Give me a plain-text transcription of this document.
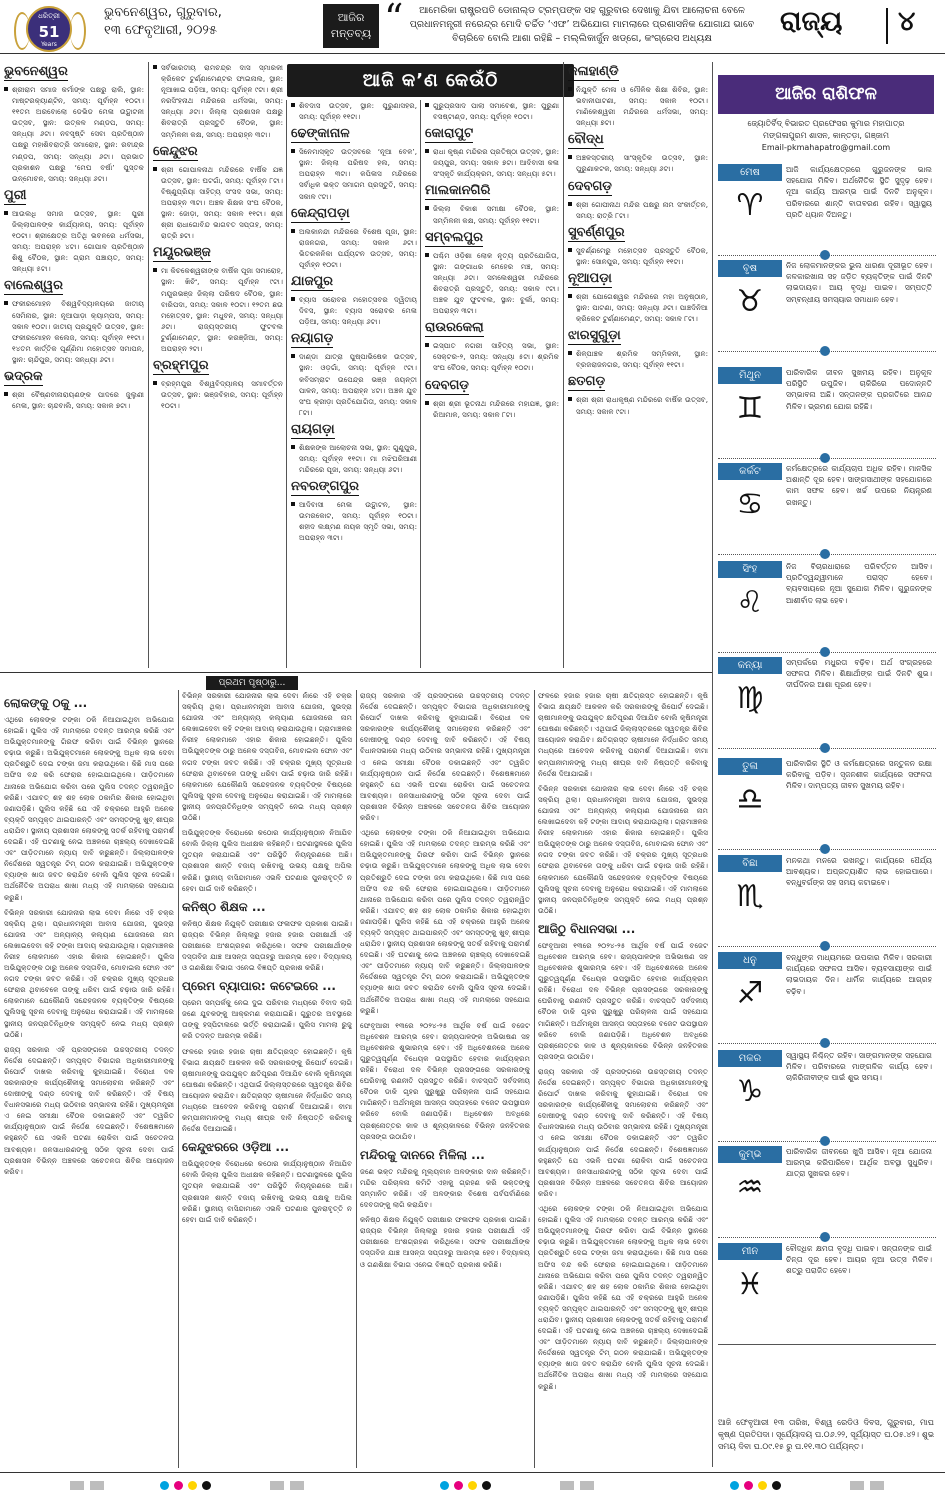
ଧରିତ୍ରୀ
51
Years
ଭୁବନେଶ୍ୱର, ଗୁରୁବାର,
୧୩ ଫେବୃଆରୀ, ୨୦୨୫
ଆଜିର
ମନ୍ତବ୍ୟ “	ଆମେରିକା ରାଷ୍ଟ୍ରପତି ଡୋନାଲ୍ଡ ଟ୍ରମ୍ପଙ୍କ ସହ ଗୁରୁବାର ଦେଖାକୁ ଯିବା ଆଲୋଚନା ବେଳେ ପ୍ରଧାନମନ୍ତ୍ରୀ ନରେନ୍ଦ୍ର ମୋଦି ଚର୍ଚ୍ଚିତ ‘ଏଫ’ ଅଭିଯୋଗ ମାମଲାରେ ପ୍ରଶାସନିକ ଯୋଗାଯ ଭାବେ ବିଚାରିବେ ବୋଲି ଆଶା ରହିଛି – ମଲ୍ଲିକାର୍ଜୁନ ଖଡ୍ଗେ, କଂଗ୍ରେସ ଅଧ୍ୟକ୍ଷ
ରାଜ୍ୟ ୪
ଆଜି କ’ଣ କେଉଁଠି
ଭୁବନେଶ୍ୱର
ଶ୍ରୀରାମ ସମାଜ କର୍ମାଙ୍କ ପକ୍ଷରୁ ରାଲି, ସ୍ଥାନ: ମାଷ୍ଟରକ୍ୟାଣ୍ଟିନ, ସମୟ: ପୂର୍ବାହ୍ନ ୧୦ଟା। ୧୧ତମ ଅରବୋଲୋ ଡେଭିଡ ମେଳା ଉଦ୍ଘାଟନୀ ଉତ୍ସବ, ସ୍ଥାନ: ଉତ୍କଳ ମଣ୍ଡପ, ସମୟ: ସନ୍ଧ୍ୟା ୬ଟା। ନବସୃଷ୍ଟି ସେବା ପ୍ରତିଷ୍ଠାନ ପକ୍ଷରୁ ମହାଶିବରାତ୍ରି ସମାରୋହ, ସ୍ଥାନ: ରବୀନ୍ଦ୍ର ମଣ୍ଡପ, ସମୟ: ସନ୍ଧ୍ୟା ୬ଟା। ପ୍ରଭାତ ପ୍ରକାଶନ ପକ୍ଷରୁ ‘ମେଘ ବର୍ଷା’ ପୁସ୍ତକ ଉନ୍ମୋଚନ, ସମୟ: ସନ୍ଧ୍ୟା ୬ଟା।
ପୁରୀ
ଆଉଲଧି ସମାଜ ଉତ୍ସବ, ସ୍ଥାନ: ପୁରୀ ଜିଲ୍ଲାପାଳଙ୍କ କାର୍ଯ୍ୟାଳୟ, ସମୟ: ପୂର୍ବାହ୍ନ ୧୦ଟା। ଶ୍ରୀକ୍ଷେତ୍ର ଅତିଥି ଭବନରେ ଧର୍ମସଭା, ସମୟ: ଅପରାହ୍ନ ୪ଟା। ଗୋପାଳ ପ୍ରତିଷ୍ଠାନ ଶିଶୁ ବୈଠକ, ସ୍ଥାନ: ଗ୍ରାମ ପଞ୍ଚାୟତ, ସମୟ: ସନ୍ଧ୍ୟା ୫ଟା।
ବାଲେଶ୍ୱର
ଫକୀରମୋହନ ବିଶ୍ୱବିଦ୍ୟାଳୟରେ ଜାତୀୟ ସେମିନାର, ସ୍ଥାନ: ନୂଆପାଡ଼ା କ୍ୟାମ୍ପସ, ସମୟ: ସକାଳ ୧୦ଟା। ଜାତୀୟ ପ୍ରଯୁକ୍ତି ଉତ୍ସବ, ସ୍ଥାନ: ଫକୀରମୋହନ କଲେଜ, ସମୟ: ପୂର୍ବାହ୍ନ ୧୧ଟା। ୧୪ତମ କାର୍ତ୍ତିକ ପୂର୍ଣ୍ଣିମା ମହୋତ୍ସବ ସମାପନ, ସ୍ଥାନ: ଚାନ୍ଦିପୁର, ସମୟ: ସନ୍ଧ୍ୟା ୬ଟା।
ଭଦ୍ରକ
ଶ୍ରୀ ବୈଷ୍ଣବୀନାରାୟଣଙ୍କ ପାଦରେ ଜୁଲୁଣୀ ମେଳା, ସ୍ଥାନ: ଚାନ୍ଦବାଲି, ସମୟ: ସକାଳ ୭ଟା।
ସର୍ବଭାରତୀୟ ରାମଚନ୍ଦ୍ର ଦାସ ସ୍ମାରକୀ କ୍ରିକେଟ ଟୁର୍ଣ୍ଣାମେଣ୍ଟର ଫାଇନାଲ, ସ୍ଥାନ: ନୂଆଖାଇ ପଡ଼ିଆ, ସମୟ: ପୂର୍ବାହ୍ନ ୯ଟା। ଶ୍ରୀ ନରସିଂହନାଥ ମନ୍ଦିରରେ ଧର୍ମସଭା, ସମୟ: ସନ୍ଧ୍ୟା ୬ଟା। ଜିଲ୍ଲା ପ୍ରଶାସନ ପକ୍ଷରୁ ଶିବରାତ୍ରି ପ୍ରସ୍ତୁତି ବୈଠକ, ସ୍ଥାନ: ସମ୍ମିଳନୀ କକ୍ଷ, ସମୟ: ଅପରାହ୍ନ ୩ଟା।
କେନ୍ଦୁଝର
ଶ୍ରୀ ଗୋପାଳନାଥ ମନ୍ଦିରରେ ବାର୍ଷିକ ଯଜ୍ଞ ଉତ୍ସବ, ସ୍ଥାନ: ଘଟଗାଁ, ସମୟ: ପୂର୍ବାହ୍ନ ୮ଟା। ବିଷ୍ଣୁପ୍ରିୟା ସାହିତ୍ୟ ସଂସଦ ସଭା, ସମୟ: ଅପରାହ୍ନ ୩ଟା। ଅଞ୍ଚଳ ଶିକ୍ଷକ ସଂଘ ବୈଠକ, ସ୍ଥାନ: ଜୋଡ଼ା, ସମୟ: ସକାଳ ୧୧ଟା। ଶ୍ରୀ ଶ୍ରୀ ରାଧାଗୋବିନ୍ଦ ଭାଗବତ ସପ୍ତାହ, ସମୟ: ରାତ୍ରି ୭ଟା।
ମୟୂରଭଞ୍ଜ
ମା କିଚକେଶ୍ୱରୀଙ୍କ ବାର୍ଷିକ ପୂଜା ସମାରୋହ, ସ୍ଥାନ: ଖିଚିଂ, ସମୟ: ପୂର୍ବାହ୍ନ ୯ଟା। ମୟୂରଭଞ୍ଜ ଜିଲ୍ଲା ପରିଷଦ ବୈଠକ, ସ୍ଥାନ: ବାରିପଦା, ସମୟ: ସକାଳ ୧୦ଟା। ୧୨ତମ ଛଉ ମହୋତ୍ସବ, ସ୍ଥାନ: ମଧୁବନ, ସମୟ: ସନ୍ଧ୍ୟା ୬ଟା। ରାଜ୍ୟସ୍ତରୀୟ ଫୁଟବଲ ଟୁର୍ଣ୍ଣାମେଣ୍ଟ, ସ୍ଥାନ: କରଞ୍ଜିଆ, ସମୟ: ଅପରାହ୍ନ ୨ଟା।
ବ୍ରହ୍ମପୁର
ବ୍ରହ୍ମପୁର ବିଶ୍ୱବିଦ୍ୟାଳୟ ସମାବର୍ତ୍ତନ ଉତ୍ସବ, ସ୍ଥାନ: ଭଞ୍ଜବିହାର, ସମୟ: ପୂର୍ବାହ୍ନ ୧୦ଟା।
ଶିବଦାସ ଉତ୍ସବ, ସ୍ଥାନ: ପୁରୁଣାସହର, ସମୟ: ପୂର୍ବାହ୍ନ ୧୧ଟା।
ଢେଙ୍କାନାଳ
ସିନେମାସ୍କୃତ ଉତ୍ସବରେ ‘ନୂଆ ବେଳ’, ସ୍ଥାନ: ଜିଲ୍ଲା ପରିଷଦ ହଲ, ସମୟ: ଅପରାହ୍ନ ୩ଟା। କପିଳାସ ମନ୍ଦିରରେ ସର୍ବାଧିକ ଭକ୍ତ ସମାଗମ ପ୍ରସ୍ତୁତି, ସମୟ: ସକାଳ ୯ଟା।
କେନ୍ଦ୍ରାପଡ଼ା
ଅଲକାନନ୍ଦା ମନ୍ଦିରରେ ବିଶେଷ ପୂଜା, ସ୍ଥାନ: ରାଜନଗର, ସମୟ: ସକାଳ ୬ଟା। ଭିତରକନିକା ପର୍ଯ୍ୟଟନ ଉତ୍ସବ, ସମୟ: ପୂର୍ବାହ୍ନ ୧୦ଟା।
ଯାଜପୁର
ବ୍ୟାସ ସରୋବର ମହୋତ୍ସବର ଦ୍ୱିତୀୟ ଦିବସ, ସ୍ଥାନ: ବ୍ୟାସ ସରୋବର ମେଳା ପଡ଼ିଆ, ସମୟ: ସନ୍ଧ୍ୟା ୬ଟା।
ନୟାଗଡ଼
ଦାଣ୍ଡା ଯାତ୍ରା ପୁଷ୍ପାଭିଷେକ ଉତ୍ସବ, ସ୍ଥାନ: ଓଡ଼ଗାଁ, ସମୟ: ପୂର୍ବାହ୍ନ ୯ଟା। କବିସମ୍ରାଟ ଉପେନ୍ଦ୍ର ଭଞ୍ଜ ଜୟନ୍ତୀ ପାଳନ, ସମୟ: ଅପରାହ୍ନ ୪ଟା। ଅଞ୍ଚଳ ଯୁବ ସଂଘ କ୍ରୀଡ଼ା ପ୍ରତିଯୋଗିତା, ସମୟ: ସକାଳ ୮ଟା।
ରାୟଗଡ଼ା
ଶିକ୍ଷକଙ୍କ ଆଲୋଚନା ସଭା, ସ୍ଥାନ: ଗୁଣୁପୁର, ସମୟ: ପୂର୍ବାହ୍ନ ୧୧ଟା। ମା ମଝିଘରିଆଣୀ ମନ୍ଦିରରେ ପୂଜା, ସମୟ: ସନ୍ଧ୍ୟା ୬ଟା।
ନବରଙ୍ଗପୁର
ଆଦିବାସୀ ମେଳା ଉଦ୍ଘାଟନ, ସ୍ଥାନ: ଉମରକୋଟ, ସମୟ: ପୂର୍ବାହ୍ନ ୧୦ଟା। ଶହୀଦ ଲକ୍ଷ୍ମଣ ନାୟକ ସ୍ମୃତି ସଭା, ସମୟ: ଅପରାହ୍ନ ୩ଟା।
ଗୁରୁପ୍ରସାଦ ପାଲା ସମାବେଶ, ସ୍ଥାନ: ପୁରୁଣା ବସଷ୍ଟାଣ୍ଡ, ସମୟ: ପୂର୍ବାହ୍ନ ୧୦ଟା।
କୋରାପୁଟ
ରାଧା କୃଷ୍ଣ ମନ୍ଦିରର ପ୍ରତିଷ୍ଠା ଉତ୍ସବ, ସ୍ଥାନ: ଜୟପୁର, ସମୟ: ସକାଳ ୭ଟା। ଆଦିବାସୀ କଳା ସଂସ୍କୃତି କାର୍ଯ୍ୟକ୍ରମ, ସମୟ: ସନ୍ଧ୍ୟା ୫ଟା।
ମାଲକାନଗିରି
ଜିଲ୍ଲା ବିକାଶ ସମୀକ୍ଷା ବୈଠକ, ସ୍ଥାନ: ସମ୍ମିଳନୀ କକ୍ଷ, ସମୟ: ପୂର୍ବାହ୍ନ ୧୧ଟା।
ସମ୍ବଲପୁର
ପଶ୍ଚିମ ଓଡ଼ିଶା ଲୋକ ନୃତ୍ୟ ପ୍ରତିଯୋଗିତା, ସ୍ଥାନ: ଗଙ୍ଗାଧର ମେହେର ମଞ୍ଚ, ସମୟ: ସନ୍ଧ୍ୟା ୬ଟା। ସମଲେଶ୍ୱରୀ ମନ୍ଦିରରେ ଶିବରାତ୍ରି ପ୍ରସ୍ତୁତି, ସମୟ: ସକାଳ ୯ଟା। ଅଞ୍ଚଳ ଯୁବ ଫୁଟବଲ, ସ୍ଥାନ: ବୁର୍ଲା, ସମୟ: ଅପରାହ୍ନ ୩ଟା।
ରାଉରକେଲା
ଇସ୍ପାତ ନଗରୀ ସାହିତ୍ୟ ସଭା, ସ୍ଥାନ: ସେକ୍ଟର-୨, ସମୟ: ସନ୍ଧ୍ୟା ୫ଟା। ଶ୍ରମିକ ସଂଘ ବୈଠକ, ସମୟ: ପୂର୍ବାହ୍ନ ୧୦ଟା।
ଦେବଗଡ଼
ଶ୍ରୀ ଶ୍ରୀ ଭୂତନାଥ ମନ୍ଦିରରେ ମହାଯଜ୍ଞ, ସ୍ଥାନ: ରିଆମାଳ, ସମୟ: ସକାଳ ୮ଟା।
କଳାହାଣ୍ଡି
ନିଯୁକ୍ତି ମେଳା ଓ ମୌଳିକ ଶିକ୍ଷା ଶିବିର, ସ୍ଥାନ: ଭବାନୀପାଟଣା, ସମୟ: ସକାଳ ୧୦ଟା। ମାଣିକେଶ୍ୱରୀ ମନ୍ଦିରରେ ଧର୍ମସଭା, ସମୟ: ସନ୍ଧ୍ୟା ୭ଟା।
ବୌଦ୍ଧ
ଅଞ୍ଚଳସ୍ତରୀୟ ସାଂସ୍କୃତିକ ଉତ୍ସବ, ସ୍ଥାନ: ପୁରୁଣାକଟକ, ସମୟ: ସନ୍ଧ୍ୟା ୬ଟା।
ଦେବଗଡ଼
ଶ୍ରୀ ଗୋପୀନାଥ ମନ୍ଦିର ପକ୍ଷରୁ ନାମ ସଂକୀର୍ତ୍ତନ, ସମୟ: ରାତ୍ରି ୮ଟା।
ସୁବର୍ଣ୍ଣପୁର
ସୁବର୍ଣ୍ଣମେରୁ ମହୋତ୍ସବ ପ୍ରସ୍ତୁତି ବୈଠକ, ସ୍ଥାନ: ସୋନପୁର, ସମୟ: ପୂର୍ବାହ୍ନ ୧୧ଟା।
ନୂଆପଡ଼ା
ଶ୍ରୀ ଯୋଗେଶ୍ୱର ମନ୍ଦିରରେ ମହା ଅନୁଷ୍ଠାନ, ସ୍ଥାନ: ପାଟଣା, ସମୟ: ସନ୍ଧ୍ୟା ୬ଟା। ପାଞ୍ଚଦିନିଆ କ୍ରିକେଟ ଟୁର୍ଣ୍ଣାମେଣ୍ଟ, ସମୟ: ସକାଳ ୮ଟା।
ଝାରସୁଗୁଡ଼ା
ଶିଳ୍ପାଞ୍ଚଳ ଶ୍ରମିକ ସମ୍ମିଳନୀ, ସ୍ଥାନ: ବ୍ରଜରାଜନଗର, ସମୟ: ପୂର୍ବାହ୍ନ ୧୧ଟା।
ଛତଗଡ଼
ଶ୍ରୀ ଶ୍ରୀ ରାଧାକୃଷ୍ଣ ମନ୍ଦିରରେ ବାର୍ଷିକ ଉତ୍ସବ, ସମୟ: ସକାଳ ୯ଟା।
ପ୍ରଥମ ପୃଷ୍ଠାରୁ...
ଲୋକଙ୍କୁ ଠକୁ ...
ଏଥିରେ ଲୋକଙ୍କ ଟଙ୍କା ଠକି ନିଆଯାଇଥିବା ଅଭିଯୋଗ ହୋଇଛି। ପୁଲିସ ଏହି ମାମଲାରେ ତଦନ୍ତ ଆରମ୍ଭ କରିଛି ଏବଂ ଅଭିଯୁକ୍ତମାନଙ୍କୁ ଗିରଫ କରିବା ପାଇଁ ବିଭିନ୍ନ ସ୍ଥାନରେ ଚଢ଼ାଉ କରୁଛି। ଅଭିଯୁକ୍ତମାନେ ଲୋକଙ୍କୁ ଅଧିକ ଲାଭ ଦେବା ପ୍ରତିଶ୍ରୁତି ଦେଇ ଟଙ୍କା ଜମା କରାଉଥିଲେ। କିଛି ମାସ ପରେ ଅଫିସ ବନ୍ଦ କରି ଫେରାର ହୋଇଯାଇଥିଲେ। ପୀଡ଼ିତମାନେ ଥାନାରେ ଅଭିଯୋଗ କରିବା ପରେ ପୁଲିସ ତଦନ୍ତ ତ୍ୱରାନ୍ୱିତ କରିଛି। ଏଯାବତ୍ ଶହ ଶହ ଲୋକ ଠକାମିର ଶିକାର ହୋଇଥିବା ଜଣାପଡ଼ିଛି। ପୁଲିସ କହିଛି ଯେ ଏହି ଚକ୍ରରେ ଆହୁରି ଅନେକ ବ୍ୟକ୍ତି ସମ୍ପୃକ୍ତ ଥାଇପାରନ୍ତି ଏବଂ ସମସ୍ତଙ୍କୁ ଖୁବ୍ ଶୀଘ୍ର ଧରାଯିବ। ସ୍ଥାନୀୟ ପ୍ରଶାସନ ଲୋକଙ୍କୁ ସତର୍କ ରହିବାକୁ ପରାମର୍ଶ ଦେଇଛି। ଏହି ଘଟଣାକୁ ନେଇ ଅଞ୍ଚଳରେ ଚାଞ୍ଚଲ୍ୟ ଦେଖାଦେଇଛି ଏବଂ ପୀଡ଼ିତମାନେ ନ୍ୟାୟ ଦାବି କରୁଛନ୍ତି। ଜିଲ୍ଲାପାଳଙ୍କ ନିର୍ଦ୍ଦେଶରେ ସ୍ୱତନ୍ତ୍ର ଟିମ୍ ଗଠନ କରାଯାଇଛି। ଅଭିଯୁକ୍ତଙ୍କ ବ୍ୟାଙ୍କ ଖାତା ଜବତ କରାଯିବ ବୋଲି ପୁଲିସ ସୂଚନା ଦେଇଛି। ଅର୍ଥନୈତିକ ଅପରାଧ ଶାଖା ମଧ୍ୟ ଏହି ମାମଲାରେ ସହଯୋଗ କରୁଛି।
ବିଭିନ୍ନ ସରକାରୀ ଯୋଜନାର ଲାଭ ଦେବା ନାଁରେ ଏହି ଚକ୍ର ସକ୍ରିୟ ଥିଲା। ପ୍ରଧାନମନ୍ତ୍ରୀ ଆବାସ ଯୋଜନା, ସୁଭଦ୍ରା ଯୋଜନା ଏବଂ ଅନ୍ୟାନ୍ୟ କଲ୍ୟାଣ ଯୋଜନାରେ ନାମ ଲେଖାଇଦେବା କହି ଟଙ୍କା ଆଦାୟ କରାଯାଉଥିଲା। ଗ୍ରାମାଞ୍ଚଳର ନିରୀହ ଲୋକମାନେ ଏହାର ଶିକାର ହୋଇଛନ୍ତି। ପୁଲିସ ଅଭିଯୁକ୍ତଙ୍କ ଠାରୁ ଅନେକ ଦସ୍ତାବିଜ, ମୋବାଇଲ ଫୋନ ଏବଂ ନଗଦ ଟଙ୍କା ଜବତ କରିଛି। ଏହି ଚକ୍ରର ମୁଖ୍ୟ ସୂତ୍ରଧର ଫେରାର ଥିବାବେଳେ ତାଙ୍କୁ ଧରିବା ପାଇଁ ଚଢ଼ାଉ ଜାରି ରହିଛି। ଲୋକମାନେ ଯେକୌଣସି ସନ୍ଦେହଜନକ ବ୍ୟକ୍ତିଙ୍କ ବିଷୟରେ ପୁଲିସକୁ ସୂଚନା ଦେବାକୁ ଅନୁରୋଧ କରାଯାଇଛି। ଏହି ମାମଲାରେ ସ୍ଥାନୀୟ ଜନପ୍ରତିନିଧିଙ୍କ ସମ୍ପୃକ୍ତି ନେଇ ମଧ୍ୟ ପ୍ରଶ୍ନ ଉଠିଛି।
ରାଜ୍ୟ ସରକାର ଏହି ପ୍ରସଙ୍ଗରେ ଉଚ୍ଚସ୍ତରୀୟ ତଦନ୍ତ ନିର୍ଦ୍ଦେଶ ଦେଇଛନ୍ତି। ସମ୍ପୃକ୍ତ ବିଭାଗର ଅଧିକାରୀମାନଙ୍କୁ ରିପୋର୍ଟ ଦାଖଲ କରିବାକୁ କୁହାଯାଇଛି। ବିରୋଧୀ ଦଳ ସରକାରଙ୍କ କାର୍ଯ୍ୟଶୈଳୀକୁ ସମାଲୋଚନା କରିଛନ୍ତି ଏବଂ ଦୋଷୀଙ୍କୁ ଦଣ୍ଡ ଦେବାକୁ ଦାବି କରିଛନ୍ତି। ଏହି ବିଷୟ ବିଧାନସଭାରେ ମଧ୍ୟ ଉଠିବାର ସମ୍ଭାବନା ରହିଛି। ମୁଖ୍ୟମନ୍ତ୍ରୀ ଏ ନେଇ ସମୀକ୍ଷା ବୈଠକ ଡକାଇଛନ୍ତି ଏବଂ ତ୍ୱରିତ କାର୍ଯ୍ୟାନୁଷ୍ଠାନ ପାଇଁ ନିର୍ଦ୍ଦେଶ ଦେଇଛନ୍ତି। ବିଶେଷଜ୍ଞମାନେ କହୁଛନ୍ତି ଯେ ଏଭଳି ଘଟଣା ରୋକିବା ପାଇଁ ସଚେତନତା ଆବଶ୍ୟକ। ଜନସାଧାରଣଙ୍କୁ ସଠିକ ସୂଚନା ଦେବା ପାଇଁ ପ୍ରଶାସନ ବିଭିନ୍ନ ଅଞ୍ଚଳରେ ସଚେତନତା ଶିବିର ଆୟୋଜନ କରିବ।
ବିଭିନ୍ନ ସରକାରୀ ଯୋଜନାର ଲାଭ ଦେବା ନାଁରେ ଏହି ଚକ୍ର ସକ୍ରିୟ ଥିଲା। ପ୍ରଧାନମନ୍ତ୍ରୀ ଆବାସ ଯୋଜନା, ସୁଭଦ୍ରା ଯୋଜନା ଏବଂ ଅନ୍ୟାନ୍ୟ କଲ୍ୟାଣ ଯୋଜନାରେ ନାମ ଲେଖାଇଦେବା କହି ଟଙ୍କା ଆଦାୟ କରାଯାଉଥିଲା। ଗ୍ରାମାଞ୍ଚଳର ନିରୀହ ଲୋକମାନେ ଏହାର ଶିକାର ହୋଇଛନ୍ତି। ପୁଲିସ ଅଭିଯୁକ୍ତଙ୍କ ଠାରୁ ଅନେକ ଦସ୍ତାବିଜ, ମୋବାଇଲ ଫୋନ ଏବଂ ନଗଦ ଟଙ୍କା ଜବତ କରିଛି। ଏହି ଚକ୍ରର ମୁଖ୍ୟ ସୂତ୍ରଧର ଫେରାର ଥିବାବେଳେ ତାଙ୍କୁ ଧରିବା ପାଇଁ ଚଢ଼ାଉ ଜାରି ରହିଛି। ଲୋକମାନେ ଯେକୌଣସି ସନ୍ଦେହଜନକ ବ୍ୟକ୍ତିଙ୍କ ବିଷୟରେ ପୁଲିସକୁ ସୂଚନା ଦେବାକୁ ଅନୁରୋଧ କରାଯାଇଛି। ଏହି ମାମଲାରେ ସ୍ଥାନୀୟ ଜନପ୍ରତିନିଧିଙ୍କ ସମ୍ପୃକ୍ତି ନେଇ ମଧ୍ୟ ପ୍ରଶ୍ନ ଉଠିଛି।
ଅଭିଯୁକ୍ତଙ୍କ ବିରୋଧରେ କଠୋର କାର୍ଯ୍ୟାନୁଷ୍ଠାନ ନିଆଯିବ ବୋଲି ଜିଲ୍ଲା ପୁଲିସ ଅଧୀକ୍ଷକ କହିଛନ୍ତି। ଘଟଣାସ୍ଥଳରେ ପୁଲିସ ମୁତୟନ କରାଯାଇଛି ଏବଂ ପରିସ୍ଥିତି ନିୟନ୍ତ୍ରଣରେ ଅଛି। ପ୍ରଶାସନ ଶାନ୍ତି ବଜାୟ ରଖିବାକୁ ଉଭୟ ପକ୍ଷକୁ ଅପିଲ କରିଛି। ସ୍ଥାନୀୟ ବାସିନ୍ଦାମାନେ ଏଭଳି ଘଟଣାର ପୁନରାବୃତ୍ତି ନ ହେବା ପାଇଁ ଦାବି କରିଛନ୍ତି।
କନିଷ୍ଠ ଶିକ୍ଷକ ...
କନିଷ୍ଠ ଶିକ୍ଷକ ନିଯୁକ୍ତି ପରୀକ୍ଷାର ଫଳାଫଳ ପ୍ରକାଶ ପାଇଛି। ରାଜ୍ୟର ବିଭିନ୍ନ ଜିଲ୍ଲାରୁ ହଜାର ହଜାର ପରୀକ୍ଷାର୍ଥୀ ଏହି ପରୀକ୍ଷାରେ ଅଂଶଗ୍ରହଣ କରିଥିଲେ। ସଫଳ ପରୀକ୍ଷାର୍ଥୀଙ୍କ ଦସ୍ତାବିଜ ଯାଞ୍ଚ ଆସନ୍ତା ସପ୍ତାହରୁ ଆରମ୍ଭ ହେବ। ବିଦ୍ୟାଳୟ ଓ ଗଣଶିକ୍ଷା ବିଭାଗ ଏନେଇ ବିଜ୍ଞପ୍ତି ପ୍ରକାଶ କରିଛି।
ପ୍ରେମ ବ୍ୟାପାର: କଟେଇରେ ...
ପ୍ରେମ ସମ୍ପର୍କକୁ ନେଇ ଦୁଇ ପରିବାର ମଧ୍ୟରେ ବିବାଦ ଲାଗି ଜଣେ ଯୁବକଙ୍କୁ ଆକ୍ରମଣ କରାଯାଇଛି। ଗୁରୁତର ଅବସ୍ଥାରେ ତାଙ୍କୁ ହସ୍ପିଟାଲରେ ଭର୍ତ୍ତି କରାଯାଇଛି। ପୁଲିସ ମାମଲା ରୁଜୁ କରି ତଦନ୍ତ ଆରମ୍ଭ କରିଛି।
ଫଳରେ ହଜାର ହଜାର ଚାଷୀ କ୍ଷତିଗ୍ରସ୍ତ ହୋଇଛନ୍ତି। କୃଷି ବିଭାଗ କ୍ଷୟକ୍ଷତି ଆକଳନ କରି ସରକାରଙ୍କୁ ରିପୋର୍ଟ ଦେଇଛି। ଚାଷୀମାନଙ୍କୁ ଉପଯୁକ୍ତ କ୍ଷତିପୂରଣ ଦିଆଯିବ ବୋଲି କୃଷିମନ୍ତ୍ରୀ ଘୋଷଣା କରିଛନ୍ତି। ଏଥିପାଇଁ ଜିଲ୍ଲାସ୍ତରରେ ସ୍ୱତନ୍ତ୍ର ଶିବିର ଆୟୋଜନ କରାଯିବ। କ୍ଷତିଗ୍ରସ୍ତ ଚାଷୀମାନେ ନିର୍ଦ୍ଧାରିତ ସମୟ ମଧ୍ୟରେ ଆବେଦନ କରିବାକୁ ପରାମର୍ଶ ଦିଆଯାଇଛି। ବୀମା କମ୍ପାନୀମାନଙ୍କୁ ମଧ୍ୟ ଶୀଘ୍ର ଦାବି ନିଷ୍ପତ୍ତି କରିବାକୁ ନିର୍ଦ୍ଦେଶ ଦିଆଯାଇଛି।
କେନ୍ଦୁଝରରେ ଓଡ଼ିଆ ...
ଅଭିଯୁକ୍ତଙ୍କ ବିରୋଧରେ କଠୋର କାର୍ଯ୍ୟାନୁଷ୍ଠାନ ନିଆଯିବ ବୋଲି ଜିଲ୍ଲା ପୁଲିସ ଅଧୀକ୍ଷକ କହିଛନ୍ତି। ଘଟଣାସ୍ଥଳରେ ପୁଲିସ ମୁତୟନ କରାଯାଇଛି ଏବଂ ପରିସ୍ଥିତି ନିୟନ୍ତ୍ରଣରେ ଅଛି। ପ୍ରଶାସନ ଶାନ୍ତି ବଜାୟ ରଖିବାକୁ ଉଭୟ ପକ୍ଷକୁ ଅପିଲ କରିଛି। ସ୍ଥାନୀୟ ବାସିନ୍ଦାମାନେ ଏଭଳି ଘଟଣାର ପୁନରାବୃତ୍ତି ନ ହେବା ପାଇଁ ଦାବି କରିଛନ୍ତି।
ରାଜ୍ୟ ସରକାର ଏହି ପ୍ରସଙ୍ଗରେ ଉଚ୍ଚସ୍ତରୀୟ ତଦନ୍ତ ନିର୍ଦ୍ଦେଶ ଦେଇଛନ୍ତି। ସମ୍ପୃକ୍ତ ବିଭାଗର ଅଧିକାରୀମାନଙ୍କୁ ରିପୋର୍ଟ ଦାଖଲ କରିବାକୁ କୁହାଯାଇଛି। ବିରୋଧୀ ଦଳ ସରକାରଙ୍କ କାର୍ଯ୍ୟଶୈଳୀକୁ ସମାଲୋଚନା କରିଛନ୍ତି ଏବଂ ଦୋଷୀଙ୍କୁ ଦଣ୍ଡ ଦେବାକୁ ଦାବି କରିଛନ୍ତି। ଏହି ବିଷୟ ବିଧାନସଭାରେ ମଧ୍ୟ ଉଠିବାର ସମ୍ଭାବନା ରହିଛି। ମୁଖ୍ୟମନ୍ତ୍ରୀ ଏ ନେଇ ସମୀକ୍ଷା ବୈଠକ ଡକାଇଛନ୍ତି ଏବଂ ତ୍ୱରିତ କାର୍ଯ୍ୟାନୁଷ୍ଠାନ ପାଇଁ ନିର୍ଦ୍ଦେଶ ଦେଇଛନ୍ତି। ବିଶେଷଜ୍ଞମାନେ କହୁଛନ୍ତି ଯେ ଏଭଳି ଘଟଣା ରୋକିବା ପାଇଁ ସଚେତନତା ଆବଶ୍ୟକ। ଜନସାଧାରଣଙ୍କୁ ସଠିକ ସୂଚନା ଦେବା ପାଇଁ ପ୍ରଶାସନ ବିଭିନ୍ନ ଅଞ୍ଚଳରେ ସଚେତନତା ଶିବିର ଆୟୋଜନ କରିବ।
ଏଥିରେ ଲୋକଙ୍କ ଟଙ୍କା ଠକି ନିଆଯାଇଥିବା ଅଭିଯୋଗ ହୋଇଛି। ପୁଲିସ ଏହି ମାମଲାରେ ତଦନ୍ତ ଆରମ୍ଭ କରିଛି ଏବଂ ଅଭିଯୁକ୍ତମାନଙ୍କୁ ଗିରଫ କରିବା ପାଇଁ ବିଭିନ୍ନ ସ୍ଥାନରେ ଚଢ଼ାଉ କରୁଛି। ଅଭିଯୁକ୍ତମାନେ ଲୋକଙ୍କୁ ଅଧିକ ଲାଭ ଦେବା ପ୍ରତିଶ୍ରୁତି ଦେଇ ଟଙ୍କା ଜମା କରାଉଥିଲେ। କିଛି ମାସ ପରେ ଅଫିସ ବନ୍ଦ କରି ଫେରାର ହୋଇଯାଇଥିଲେ। ପୀଡ଼ିତମାନେ ଥାନାରେ ଅଭିଯୋଗ କରିବା ପରେ ପୁଲିସ ତଦନ୍ତ ତ୍ୱରାନ୍ୱିତ କରିଛି। ଏଯାବତ୍ ଶହ ଶହ ଲୋକ ଠକାମିର ଶିକାର ହୋଇଥିବା ଜଣାପଡ଼ିଛି। ପୁଲିସ କହିଛି ଯେ ଏହି ଚକ୍ରରେ ଆହୁରି ଅନେକ ବ୍ୟକ୍ତି ସମ୍ପୃକ୍ତ ଥାଇପାରନ୍ତି ଏବଂ ସମସ୍ତଙ୍କୁ ଖୁବ୍ ଶୀଘ୍ର ଧରାଯିବ। ସ୍ଥାନୀୟ ପ୍ରଶାସନ ଲୋକଙ୍କୁ ସତର୍କ ରହିବାକୁ ପରାମର୍ଶ ଦେଇଛି। ଏହି ଘଟଣାକୁ ନେଇ ଅଞ୍ଚଳରେ ଚାଞ୍ଚଲ୍ୟ ଦେଖାଦେଇଛି ଏବଂ ପୀଡ଼ିତମାନେ ନ୍ୟାୟ ଦାବି କରୁଛନ୍ତି। ଜିଲ୍ଲାପାଳଙ୍କ ନିର୍ଦ୍ଦେଶରେ ସ୍ୱତନ୍ତ୍ର ଟିମ୍ ଗଠନ କରାଯାଇଛି। ଅଭିଯୁକ୍ତଙ୍କ ବ୍ୟାଙ୍କ ଖାତା ଜବତ କରାଯିବ ବୋଲି ପୁଲିସ ସୂଚନା ଦେଇଛି। ଅର୍ଥନୈତିକ ଅପରାଧ ଶାଖା ମଧ୍ୟ ଏହି ମାମଲାରେ ସହଯୋଗ କରୁଛି।
ଫେବୃଆରୀ ୧୩ରେ ୨୦୨୪-୨୫ ଆର୍ଥିକ ବର୍ଷ ପାଇଁ ବଜେଟ ଅଧିବେଶନ ଆରମ୍ଭ ହେବ। ରାଜ୍ୟପାଳଙ୍କ ଅଭିଭାଷଣ ସହ ଅଧିବେଶନର ଶୁଭାରମ୍ଭ ହେବ। ଏହି ଅଧିବେଶନରେ ଅନେକ ଗୁରୁତ୍ୱପୂର୍ଣ୍ଣ ବିଧେୟକ ଉପସ୍ଥାପିତ ହେବାର କାର୍ଯ୍ୟକ୍ରମ ରହିଛି। ବିରୋଧୀ ଦଳ ବିଭିନ୍ନ ପ୍ରସଙ୍ଗରେ ସରକାରଙ୍କୁ ଘେରିବାକୁ ରଣନୀତି ପ୍ରସ୍ତୁତ କରିଛି। ବାଚସ୍ପତି ସର୍ବଦଳୀୟ ବୈଠକ ଡାକି ଗୃହର ସୁରୁଖୁରୁ ପରିଚାଳନା ପାଇଁ ସହଯୋଗ ମାଗିଛନ୍ତି। ଅର୍ଥମନ୍ତ୍ରୀ ଆସନ୍ତା ସପ୍ତାହରେ ବଜେଟ ଉପସ୍ଥାପନ କରିବେ ବୋଲି ଜଣାପଡ଼ିଛି। ଅଧିବେଶନ ଅବଧିରେ ପ୍ରଶ୍ନୋତ୍ତର କାଳ ଓ ଶୂନ୍ୟକାଳରେ ବିଭିନ୍ନ ଜନହିତକର ପ୍ରସଙ୍ଗ ଉଠାଯିବ।
ମନ୍ଦିରକୁ ଦାନରେ ମିଳିଲା ...
ଜଣେ ଭକ୍ତ ମନ୍ଦିରକୁ ମୂଲ୍ୟବାନ ଅଳଙ୍କାର ଦାନ କରିଛନ୍ତି। ମନ୍ଦିର ପରିଚାଳନା କମିଟି ଏହାକୁ ଗ୍ରହଣ କରି ଭକ୍ତଙ୍କୁ ସମ୍ମାନିତ କରିଛି। ଏହି ଅଳଙ୍କାର ବିଶେଷ ପର୍ବପର୍ବାଣିରେ ଦେବତାଙ୍କୁ ଲାଗି କରାଯିବ।
କନିଷ୍ଠ ଶିକ୍ଷକ ନିଯୁକ୍ତି ପରୀକ୍ଷାର ଫଳାଫଳ ପ୍ରକାଶ ପାଇଛି। ରାଜ୍ୟର ବିଭିନ୍ନ ଜିଲ୍ଲାରୁ ହଜାର ହଜାର ପରୀକ୍ଷାର୍ଥୀ ଏହି ପରୀକ୍ଷାରେ ଅଂଶଗ୍ରହଣ କରିଥିଲେ। ସଫଳ ପରୀକ୍ଷାର୍ଥୀଙ୍କ ଦସ୍ତାବିଜ ଯାଞ୍ଚ ଆସନ୍ତା ସପ୍ତାହରୁ ଆରମ୍ଭ ହେବ। ବିଦ୍ୟାଳୟ ଓ ଗଣଶିକ୍ଷା ବିଭାଗ ଏନେଇ ବିଜ୍ଞପ୍ତି ପ୍ରକାଶ କରିଛି।
ଫଳରେ ହଜାର ହଜାର ଚାଷୀ କ୍ଷତିଗ୍ରସ୍ତ ହୋଇଛନ୍ତି। କୃଷି ବିଭାଗ କ୍ଷୟକ୍ଷତି ଆକଳନ କରି ସରକାରଙ୍କୁ ରିପୋର୍ଟ ଦେଇଛି। ଚାଷୀମାନଙ୍କୁ ଉପଯୁକ୍ତ କ୍ଷତିପୂରଣ ଦିଆଯିବ ବୋଲି କୃଷିମନ୍ତ୍ରୀ ଘୋଷଣା କରିଛନ୍ତି। ଏଥିପାଇଁ ଜିଲ୍ଲାସ୍ତରରେ ସ୍ୱତନ୍ତ୍ର ଶିବିର ଆୟୋଜନ କରାଯିବ। କ୍ଷତିଗ୍ରସ୍ତ ଚାଷୀମାନେ ନିର୍ଦ୍ଧାରିତ ସମୟ ମଧ୍ୟରେ ଆବେଦନ କରିବାକୁ ପରାମର୍ଶ ଦିଆଯାଇଛି। ବୀମା କମ୍ପାନୀମାନଙ୍କୁ ମଧ୍ୟ ଶୀଘ୍ର ଦାବି ନିଷ୍ପତ୍ତି କରିବାକୁ ନିର୍ଦ୍ଦେଶ ଦିଆଯାଇଛି।
ବିଭିନ୍ନ ସରକାରୀ ଯୋଜନାର ଲାଭ ଦେବା ନାଁରେ ଏହି ଚକ୍ର ସକ୍ରିୟ ଥିଲା। ପ୍ରଧାନମନ୍ତ୍ରୀ ଆବାସ ଯୋଜନା, ସୁଭଦ୍ରା ଯୋଜନା ଏବଂ ଅନ୍ୟାନ୍ୟ କଲ୍ୟାଣ ଯୋଜନାରେ ନାମ ଲେଖାଇଦେବା କହି ଟଙ୍କା ଆଦାୟ କରାଯାଉଥିଲା। ଗ୍ରାମାଞ୍ଚଳର ନିରୀହ ଲୋକମାନେ ଏହାର ଶିକାର ହୋଇଛନ୍ତି। ପୁଲିସ ଅଭିଯୁକ୍ତଙ୍କ ଠାରୁ ଅନେକ ଦସ୍ତାବିଜ, ମୋବାଇଲ ଫୋନ ଏବଂ ନଗଦ ଟଙ୍କା ଜବତ କରିଛି। ଏହି ଚକ୍ରର ମୁଖ୍ୟ ସୂତ୍ରଧର ଫେରାର ଥିବାବେଳେ ତାଙ୍କୁ ଧରିବା ପାଇଁ ଚଢ଼ାଉ ଜାରି ରହିଛି। ଲୋକମାନେ ଯେକୌଣସି ସନ୍ଦେହଜନକ ବ୍ୟକ୍ତିଙ୍କ ବିଷୟରେ ପୁଲିସକୁ ସୂଚନା ଦେବାକୁ ଅନୁରୋଧ କରାଯାଇଛି। ଏହି ମାମଲାରେ ସ୍ଥାନୀୟ ଜନପ୍ରତିନିଧିଙ୍କ ସମ୍ପୃକ୍ତି ନେଇ ମଧ୍ୟ ପ୍ରଶ୍ନ ଉଠିଛି।
ଆଜିଠୁ ବିଧାନସଭା ...
ଫେବୃଆରୀ ୧୩ରେ ୨୦୨୪-୨୫ ଆର୍ଥିକ ବର୍ଷ ପାଇଁ ବଜେଟ ଅଧିବେଶନ ଆରମ୍ଭ ହେବ। ରାଜ୍ୟପାଳଙ୍କ ଅଭିଭାଷଣ ସହ ଅଧିବେଶନର ଶୁଭାରମ୍ଭ ହେବ। ଏହି ଅଧିବେଶନରେ ଅନେକ ଗୁରୁତ୍ୱପୂର୍ଣ୍ଣ ବିଧେୟକ ଉପସ୍ଥାପିତ ହେବାର କାର୍ଯ୍ୟକ୍ରମ ରହିଛି। ବିରୋଧୀ ଦଳ ବିଭିନ୍ନ ପ୍ରସଙ୍ଗରେ ସରକାରଙ୍କୁ ଘେରିବାକୁ ରଣନୀତି ପ୍ରସ୍ତୁତ କରିଛି। ବାଚସ୍ପତି ସର୍ବଦଳୀୟ ବୈଠକ ଡାକି ଗୃହର ସୁରୁଖୁରୁ ପରିଚାଳନା ପାଇଁ ସହଯୋଗ ମାଗିଛନ୍ତି। ଅର୍ଥମନ୍ତ୍ରୀ ଆସନ୍ତା ସପ୍ତାହରେ ବଜେଟ ଉପସ୍ଥାପନ କରିବେ ବୋଲି ଜଣାପଡ଼ିଛି। ଅଧିବେଶନ ଅବଧିରେ ପ୍ରଶ୍ନୋତ୍ତର କାଳ ଓ ଶୂନ୍ୟକାଳରେ ବିଭିନ୍ନ ଜନହିତକର ପ୍ରସଙ୍ଗ ଉଠାଯିବ।
ରାଜ୍ୟ ସରକାର ଏହି ପ୍ରସଙ୍ଗରେ ଉଚ୍ଚସ୍ତରୀୟ ତଦନ୍ତ ନିର୍ଦ୍ଦେଶ ଦେଇଛନ୍ତି। ସମ୍ପୃକ୍ତ ବିଭାଗର ଅଧିକାରୀମାନଙ୍କୁ ରିପୋର୍ଟ ଦାଖଲ କରିବାକୁ କୁହାଯାଇଛି। ବିରୋଧୀ ଦଳ ସରକାରଙ୍କ କାର୍ଯ୍ୟଶୈଳୀକୁ ସମାଲୋଚନା କରିଛନ୍ତି ଏବଂ ଦୋଷୀଙ୍କୁ ଦଣ୍ଡ ଦେବାକୁ ଦାବି କରିଛନ୍ତି। ଏହି ବିଷୟ ବିଧାନସଭାରେ ମଧ୍ୟ ଉଠିବାର ସମ୍ଭାବନା ରହିଛି। ମୁଖ୍ୟମନ୍ତ୍ରୀ ଏ ନେଇ ସମୀକ୍ଷା ବୈଠକ ଡକାଇଛନ୍ତି ଏବଂ ତ୍ୱରିତ କାର୍ଯ୍ୟାନୁଷ୍ଠାନ ପାଇଁ ନିର୍ଦ୍ଦେଶ ଦେଇଛନ୍ତି। ବିଶେଷଜ୍ଞମାନେ କହୁଛନ୍ତି ଯେ ଏଭଳି ଘଟଣା ରୋକିବା ପାଇଁ ସଚେତନତା ଆବଶ୍ୟକ। ଜନସାଧାରଣଙ୍କୁ ସଠିକ ସୂଚନା ଦେବା ପାଇଁ ପ୍ରଶାସନ ବିଭିନ୍ନ ଅଞ୍ଚଳରେ ସଚେତନତା ଶିବିର ଆୟୋଜନ କରିବ।
ଏଥିରେ ଲୋକଙ୍କ ଟଙ୍କା ଠକି ନିଆଯାଇଥିବା ଅଭିଯୋଗ ହୋଇଛି। ପୁଲିସ ଏହି ମାମଲାରେ ତଦନ୍ତ ଆରମ୍ଭ କରିଛି ଏବଂ ଅଭିଯୁକ୍ତମାନଙ୍କୁ ଗିରଫ କରିବା ପାଇଁ ବିଭିନ୍ନ ସ୍ଥାନରେ ଚଢ଼ାଉ କରୁଛି। ଅଭିଯୁକ୍ତମାନେ ଲୋକଙ୍କୁ ଅଧିକ ଲାଭ ଦେବା ପ୍ରତିଶ୍ରୁତି ଦେଇ ଟଙ୍କା ଜମା କରାଉଥିଲେ। କିଛି ମାସ ପରେ ଅଫିସ ବନ୍ଦ କରି ଫେରାର ହୋଇଯାଇଥିଲେ। ପୀଡ଼ିତମାନେ ଥାନାରେ ଅଭିଯୋଗ କରିବା ପରେ ପୁଲିସ ତଦନ୍ତ ତ୍ୱରାନ୍ୱିତ କରିଛି। ଏଯାବତ୍ ଶହ ଶହ ଲୋକ ଠକାମିର ଶିକାର ହୋଇଥିବା ଜଣାପଡ଼ିଛି। ପୁଲିସ କହିଛି ଯେ ଏହି ଚକ୍ରରେ ଆହୁରି ଅନେକ ବ୍ୟକ୍ତି ସମ୍ପୃକ୍ତ ଥାଇପାରନ୍ତି ଏବଂ ସମସ୍ତଙ୍କୁ ଖୁବ୍ ଶୀଘ୍ର ଧରାଯିବ। ସ୍ଥାନୀୟ ପ୍ରଶାସନ ଲୋକଙ୍କୁ ସତର୍କ ରହିବାକୁ ପରାମର୍ଶ ଦେଇଛି। ଏହି ଘଟଣାକୁ ନେଇ ଅଞ୍ଚଳରେ ଚାଞ୍ଚଲ୍ୟ ଦେଖାଦେଇଛି ଏବଂ ପୀଡ଼ିତମାନେ ନ୍ୟାୟ ଦାବି କରୁଛନ୍ତି। ଜିଲ୍ଲାପାଳଙ୍କ ନିର୍ଦ୍ଦେଶରେ ସ୍ୱତନ୍ତ୍ର ଟିମ୍ ଗଠନ କରାଯାଇଛି। ଅଭିଯୁକ୍ତଙ୍କ ବ୍ୟାଙ୍କ ଖାତା ଜବତ କରାଯିବ ବୋଲି ପୁଲିସ ସୂଚନା ଦେଇଛି। ଅର୍ଥନୈତିକ ଅପରାଧ ଶାଖା ମଧ୍ୟ ଏହି ମାମଲାରେ ସହଯୋଗ କରୁଛି।
ଆଜିର ରାଶିଫଳ
ଜ୍ୟୋତିର୍ବିଦ୍ ବିଭାରତ ପ୍ରଫେସର କୁମାର ମହାପାତ୍ର
ମଙ୍ଗଳାପୁରମ ଶାସନ, କାନ୍ତଡ଼ା, ଗଞ୍ଜାମ
Email-pkmahapatro@gmail.com
ମେଷ
♈
ଆଜି କାର୍ଯ୍ୟକ୍ଷେତ୍ରରେ ଗୁରୁଜନଙ୍କ ଭାଲ ସହଯୋଗ ମିଳିବ। ଅର୍ଥନୈତିକ ସ୍ଥିତି ସୁଦୃଢ଼ ହେବ। ନୂଆ କାର୍ଯ୍ୟ ଆରମ୍ଭ ପାଇଁ ଦିନଟି ଅନୁକୂଳ। ପରିବାରରେ ଶାନ୍ତି ବାତାବରଣ ରହିବ। ସ୍ୱାସ୍ଥ୍ୟ ପ୍ରତି ଧ୍ୟାନ ଦିଅନ୍ତୁ।
ବୃଷ
♉
ନିଜ ଲୋକମାନଙ୍କର ଭୁଲ ଧାରଣା ଦୂରୀଭୂତ ହେବ। କଳକାରଖାନା ସହ ଜଡ଼ିତ ବ୍ୟକ୍ତିଙ୍କ ପାଇଁ ଦିନଟି ଲାଭଦାୟକ। ଆୟ ବୃଦ୍ଧି ପାଇବ। ସମ୍ପତ୍ତି ସମ୍ବନ୍ଧୀୟ ସମସ୍ୟାର ସମାଧାନ ହେବ।
ମିଥୁନ
♊
ପାରିବାରିକ ଜୀବନ ସୁଖମୟ ରହିବ। ଅନୁକୂଳ ପରିସ୍ଥିତି ଉପୁଜିବ। ଚାକିରିରେ ପଦୋନ୍ନତି ସମ୍ଭାବନା ଅଛି। ସନ୍ତାନଙ୍କ ପ୍ରଗତିରେ ଆନନ୍ଦ ମିଳିବ। ଭ୍ରମଣ ଯୋଗ ରହିଛି।
କର୍କଟ
♋
କର୍ମକ୍ଷେତ୍ରରେ କାର୍ଯ୍ୟଚାପ ଅଧିକ ରହିବ। ମାନସିକ ଅଶାନ୍ତି ଦୂର ହେବ। ସାଙ୍ଗସାଥୀଙ୍କ ସହଯୋଗରେ କାମ ସଫଳ ହେବ। ଖର୍ଚ୍ଚ ଉପରେ ନିୟନ୍ତ୍ରଣ ରଖନ୍ତୁ।
ସିଂହ
♌
ନିଜ ବିଚାରଧାରାରେ ପରିବର୍ତ୍ତନ ଆସିବ। ପ୍ରତିଦ୍ୱନ୍ଦ୍ୱୀମାନେ ପରାସ୍ତ ହେବେ। ବ୍ୟବସାୟରେ ନୂଆ ସୁଯୋଗ ମିଳିବ। ଗୁରୁଜନଙ୍କ ଆଶୀର୍ବାଦ ଲାଭ ହେବ।
କନ୍ୟା
♍
ସମ୍ପର୍କରେ ମଧୁରତା ବଢ଼ିବ। ଅର୍ଥ ସଂଗ୍ରହରେ ସଫଳତା ମିଳିବ। ଶିକ୍ଷାର୍ଥୀଙ୍କ ପାଇଁ ଦିନଟି ଶୁଭ। ଦୀର୍ଘଦିନର ଆଶା ପୂରଣ ହେବ।
ତୁଳା
♎
ପାରିବାରିକ ସ୍ଥିତି ଓ କର୍ମକ୍ଷେତ୍ରରେ ସନ୍ତୁଳନ ରକ୍ଷା କରିବାକୁ ପଡ଼ିବ। ସୃଜନଶୀଳ କାର୍ଯ୍ୟରେ ସଫଳତା ମିଳିବ। ଦାମ୍ପତ୍ୟ ଜୀବନ ସୁଖମୟ ରହିବ।
ବିଛା
♏
ମନକଥା ମନରେ ରଖନ୍ତୁ। କାର୍ଯ୍ୟରେ ଧୈର୍ଯ୍ୟ ଆବଶ୍ୟକ। ଅପ୍ରତ୍ୟାଶିତ ଲାଭ ହୋଇପାରେ। ବନ୍ଧୁବର୍ଗଙ୍କ ସହ ସମୟ କଟାଇବେ।
ଧନୁ
♐
ବନ୍ଧୁଙ୍କ ମାଧ୍ୟମରେ ଉପକାର ମିଳିବ। ସରକାରୀ କାର୍ଯ୍ୟରେ ସଫଳତା ଆସିବ। ବ୍ୟବସାୟୀଙ୍କ ପାଇଁ ଲାଭଦାୟକ ଦିନ। ଧାର୍ମିକ କାର୍ଯ୍ୟରେ ଆଗ୍ରହ ବଢ଼ିବ।
ମକର
♑
ସ୍ୱାସ୍ଥ୍ୟ ନିଶ୍ଚିନ୍ତ ରହିବ। ସାଙ୍ଗମାନଙ୍କ ସହଯୋଗ ମିଳିବ। ପରିବାରରେ ମାଙ୍ଗଳିକ କାର୍ଯ୍ୟ ହେବ। ଚାକିରିଜୀବୀଙ୍କ ପାଇଁ ଶୁଭ ସମୟ।
କୁମ୍ଭ
♒
ପାରିବାରିକ ଜୀବନରେ ଖୁସି ଆସିବ। ନୂଆ ଯୋଜନା ଆରମ୍ଭ କରିପାରିବେ। ଆର୍ଥିକ ଅବସ୍ଥା ସୁଧୁରିବ। ଯାତ୍ରା ସୁଖକର ହେବ।
ମୀନ
♓
ବୌଦ୍ଧିକ କ୍ଷମତା ବୃଦ୍ଧି ପାଇବ। ସନ୍ତାନଙ୍କ ପାଇଁ ଚିନ୍ତା ଦୂର ହେବ। ଆୟର ନୂଆ ଉତ୍ସ ମିଳିବ। ଶତ୍ରୁ ପରାଜିତ ହେବେ।
ଆଜି ଫେବୃଆରୀ ୧୩ ତାରିଖ, ବିଶ୍ୱ ରେଡିଓ ଦିବସ, ଗୁରୁବାର, ମାଘ କୃଷ୍ଣ ପ୍ରତିପଦା। ସୂର୍ଯ୍ୟୋଦୟ ଘ.୦୬.୨୨, ସୂର୍ଯ୍ୟାସ୍ତ ଘ.୦୫.୪୨। ଶୁଭ ସମୟ ଦିବା ଘ.୦୯.୧୫ ରୁ ଘ.୧୧.୩୦ ପର୍ଯ୍ୟନ୍ତ।
